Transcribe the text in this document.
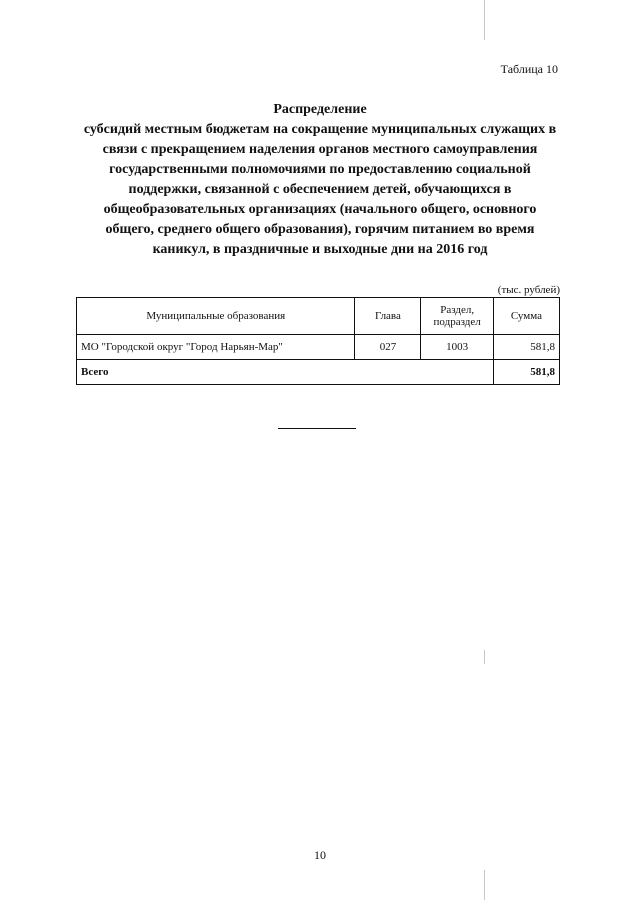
Таблица 10
Распределение
субсидий местным бюджетам на сокращение муниципальных служащих в
связи с прекращением наделения органов местного самоуправления
государственными полномочиями по предоставлению социальной
поддержки, связанной с обеспечением детей, обучающихся в
общеобразовательных организациях (начального общего, основного
общего, среднего общего образования), горячим питанием во время
каникул, в праздничные и выходные дни на 2016 год
(тыс. рублей)
Муниципальные образования	Глава	Раздел,
подраздел	Сумма
МО "Городской округ "Город Нарьян-Мар"	027	1003	581,8
Всего			581,8
10
